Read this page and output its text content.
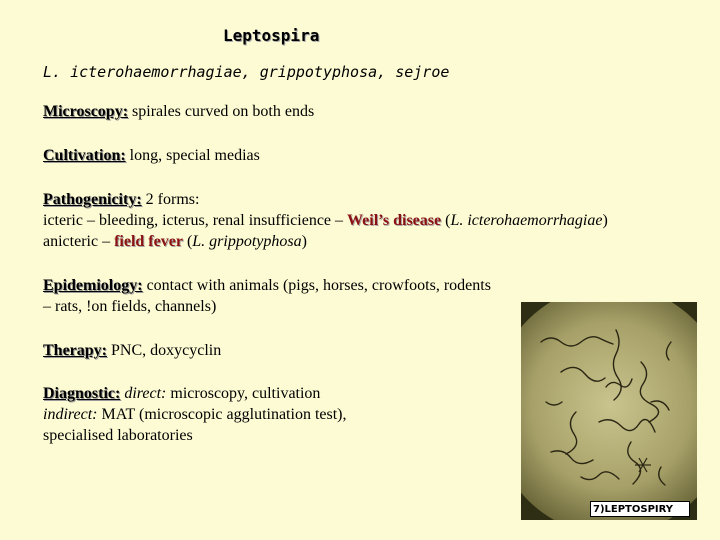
Leptospira
L. icterohaemorrhagiae, grippotyphosa, sejroe
Microscopy: spirales curved on both ends
Cultivation: long, special medias
Pathogenicity: 2 forms:
icteric – bleeding, icterus, renal insufficience – Weil’s disease (L. icterohaemorrhagiae)
anicteric – field fever (L. grippotyphosa)
Epidemiology: contact with animals (pigs, horses, crowfoots, rodents
– rats, !on fields, channels)
Therapy: PNC, doxycyclin
Diagnostic: direct: microscopy, cultivation
indirect: MAT (microscopic agglutination test),
specialised laboratories
7)LEPTOSPIRY
